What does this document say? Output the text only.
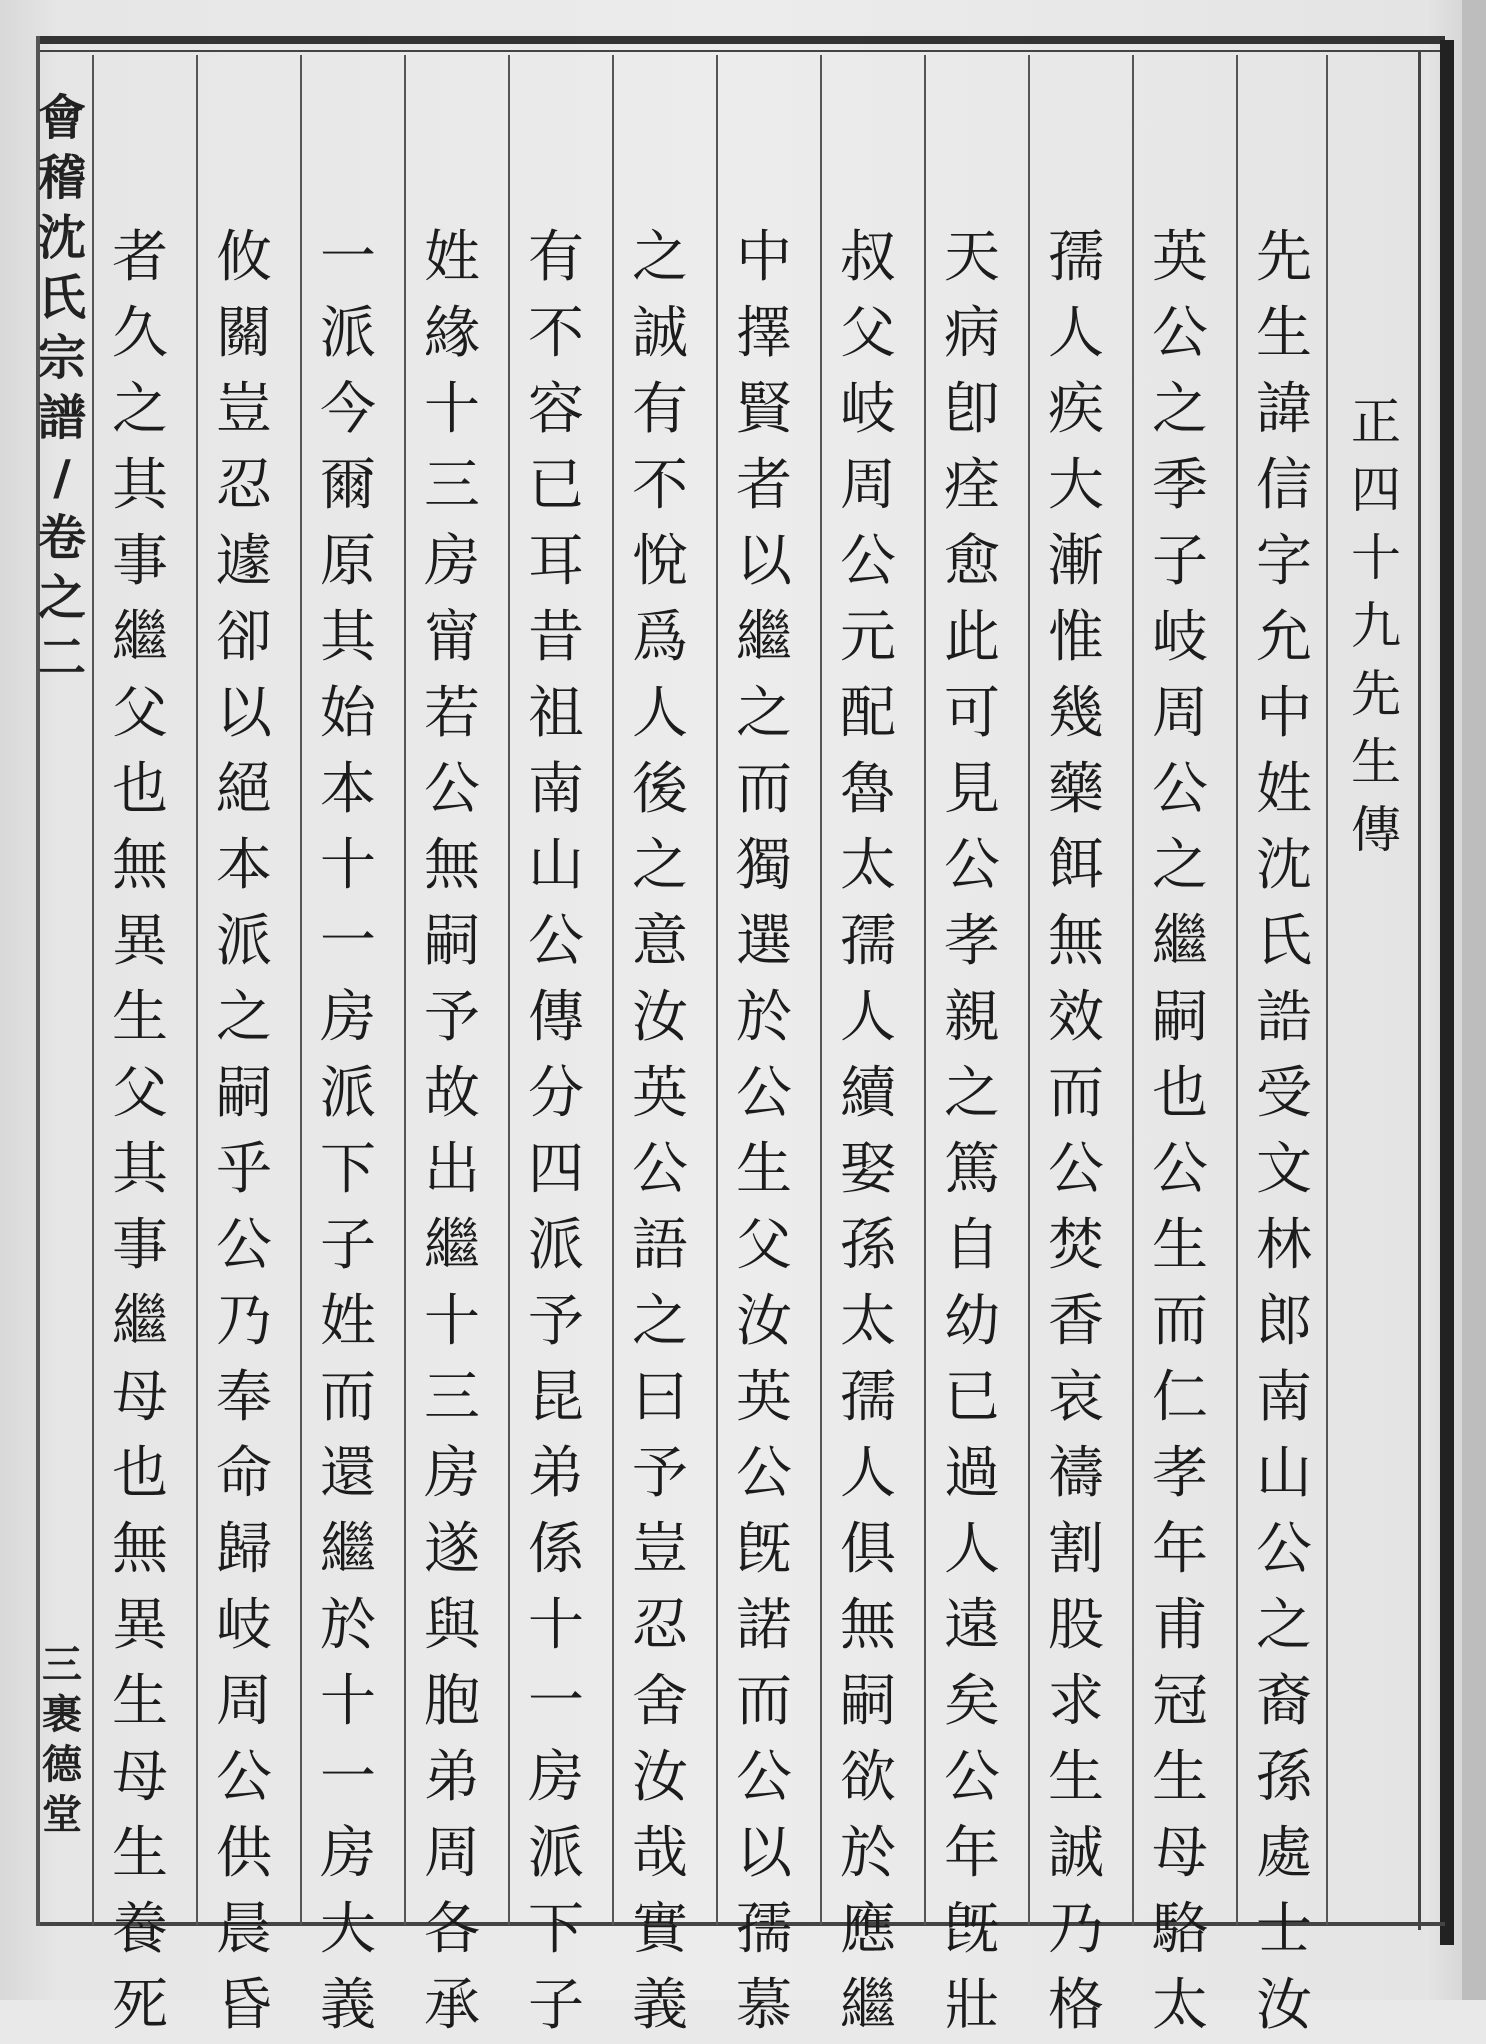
會
稽
沈
氏
宗
譜
/
卷
之
二
三
裹
德
堂
正
四
十
九
先
生
傳
先
生
諱
信
字
允
中
姓
沈
氏
誥
受
文
林
郎
南
山
公
之
裔
孫
處
士
汝
英
公
之
季
子
岐
周
公
之
繼
嗣
也
公
生
而
仁
孝
年
甫
冠
生
母
駱
太
孺
人
疾
大
漸
惟
幾
藥
餌
無
效
而
公
焚
香
哀
禱
割
股
求
生
誠
乃
格
天
病
卽
痊
愈
此
可
見
公
孝
親
之
篤
自
幼
已
過
人
遠
矣
公
年
旣
壯
叔
父
岐
周
公
元
配
魯
太
孺
人
續
娶
孫
太
孺
人
俱
無
嗣
欲
於
應
繼
中
擇
賢
者
以
繼
之
而
獨
選
於
公
生
父
汝
英
公
旣
諾
而
公
以
孺
慕
之
誠
有
不
悅
爲
人
後
之
意
汝
英
公
語
之
曰
予
豈
忍
舍
汝
哉
實
義
有
不
容
已
耳
昔
祖
南
山
公
傳
分
四
派
予
昆
弟
係
十
一
房
派
下
子
姓
緣
十
三
房
甯
若
公
無
嗣
予
故
出
繼
十
三
房
遂
與
胞
弟
周
各
承
一
派
今
爾
原
其
始
本
十
一
房
派
下
子
姓
而
還
繼
於
十
一
房
大
義
攸
關
豈
忍
遽
卻
以
絕
本
派
之
嗣
乎
公
乃
奉
命
歸
岐
周
公
供
晨
昏
者
久
之
其
事
繼
父
也
無
異
生
父
其
事
繼
母
也
無
異
生
母
生
養
死
